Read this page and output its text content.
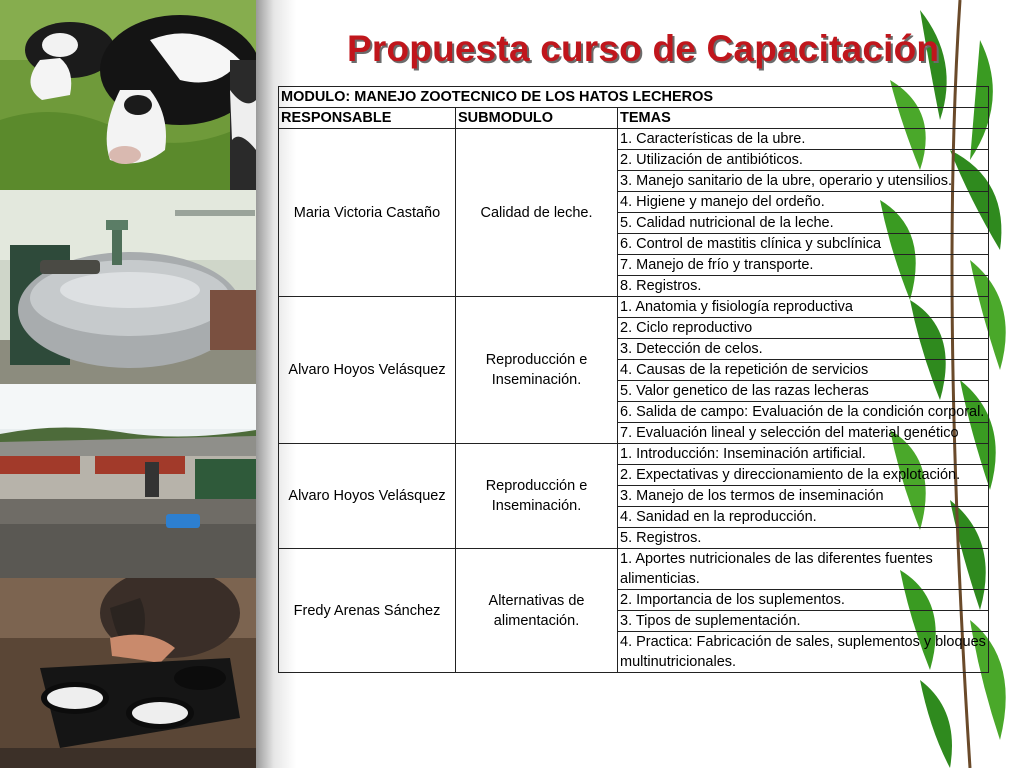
Propuesta curso de Capacitación
MODULO: MANEJO ZOOTECNICO DE LOS HATOS LECHEROS		
RESPONSABLE	SUBMODULO	TEMAS
Maria Victoria Castaño	Calidad de leche.	1. Características de la ubre.
		2. Utilización de antibióticos.
		3. Manejo sanitario de la ubre, operario y utensilios.
		4. Higiene y manejo del ordeño.
		5. Calidad nutricional de la leche.
		6. Control de mastitis clínica y subclínica
		7. Manejo de frío y transporte.
		8. Registros.
Alvaro Hoyos Velásquez	Reproducción e Inseminación.	1. Anatomia y fisiología reproductiva
		2. Ciclo reproductivo
		3. Detección de celos.
		4. Causas de la repetición de servicios
		5. Valor genetico de las razas lecheras
		6. Salida de campo: Evaluación de la condición corporal.
		7. Evaluación lineal y selección del material genético
Alvaro Hoyos Velásquez	Reproducción e Inseminación.	1. Introducción: Inseminación artificial.
		2. Expectativas y direccionamiento de la explotación.
		3. Manejo de los termos de inseminación
		4. Sanidad en la reproducción.
		5. Registros.
Fredy Arenas Sánchez	Alternativas de alimentación.	1. Aportes nutricionales de las diferentes fuentes alimenticias.
		2. Importancia de los suplementos.
		3. Tipos de suplementación.
		4. Practica: Fabricación de sales, suplementos y bloques multinutricionales.
